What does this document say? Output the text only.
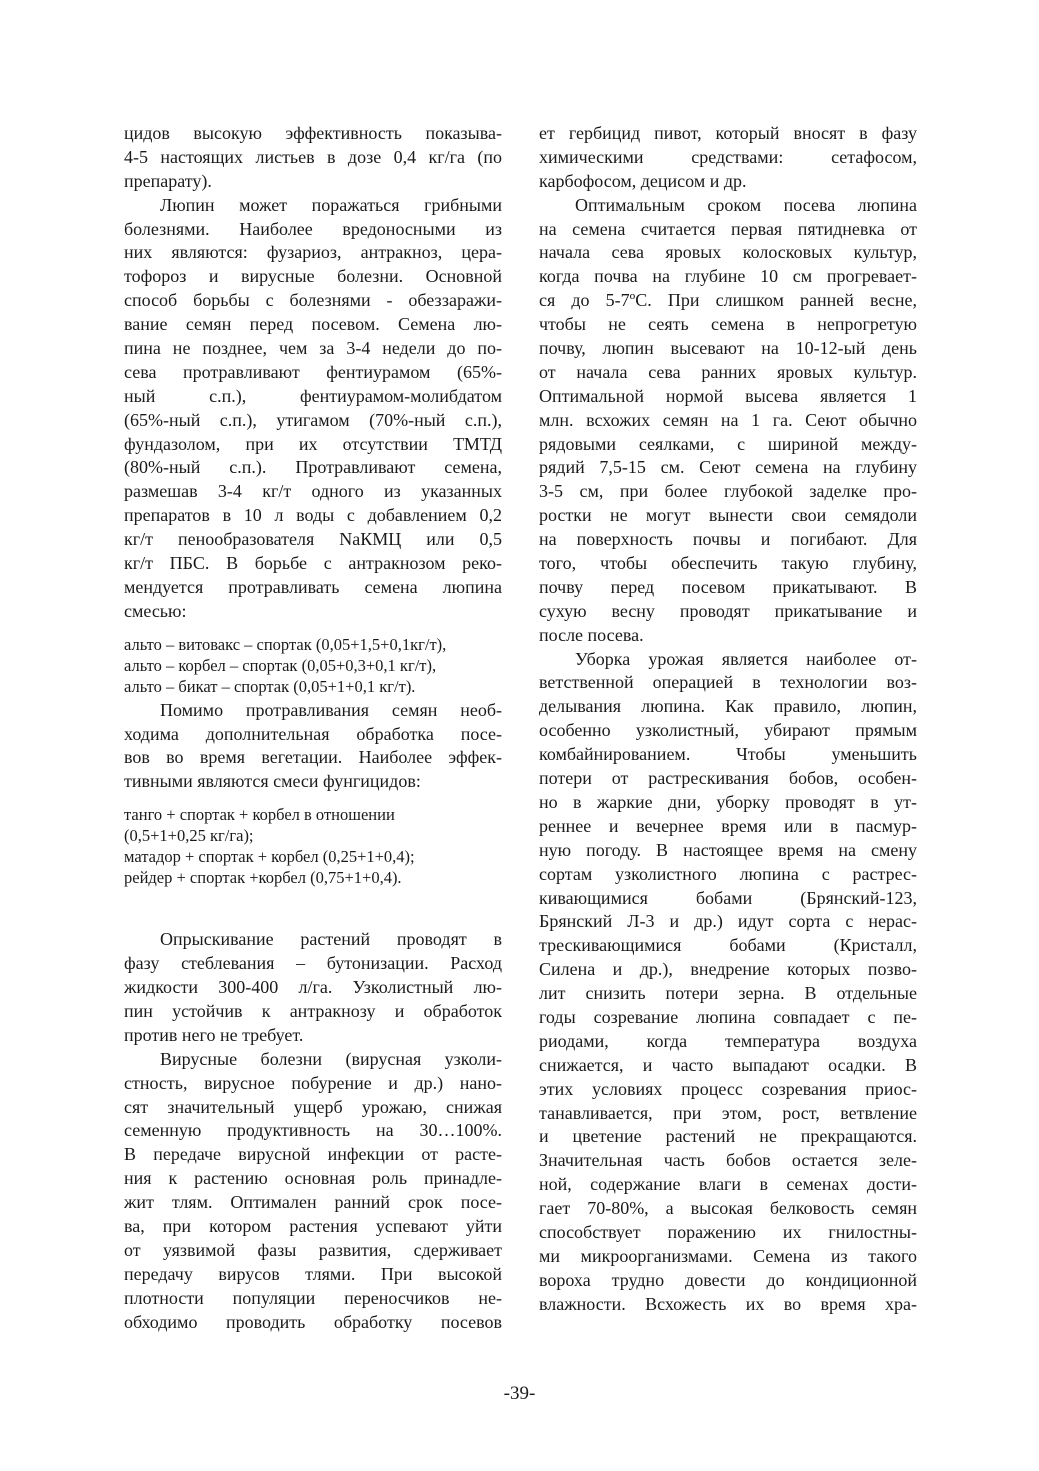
цидов высокую эффективность показыва-
4-5 настоящих листьев в дозе 0,4 кг/га (по
препарату).
Люпин может поражаться грибными
болезнями. Наиболее вредоносными из
них являются: фузариоз, антракноз, цера-
тофороз и вирусные болезни. Основной
способ борьбы с болезнями - обеззаражи-
вание семян перед посевом. Семена лю-
пина не позднее, чем за 3-4 недели до по-
сева протравливают фентиурамом (65%-
ный с.п.), фентиурамом-молибдатом
(65%-ный с.п.), утигамом (70%-ный с.п.),
фундазолом, при их отсутствии ТМТД
(80%-ный с.п.). Протравливают семена,
размешав 3-4 кг/т одного из указанных
препаратов в 10 л воды с добавлением 0,2
кг/т пенообразователя NaКМЦ или 0,5
кг/т ПБС. В борьбе с антракнозом реко-
мендуется протравливать семена люпина
смесью:
альто – витовакс – спортак (0,05+1,5+0,1кг/т),
альто – корбел – спортак (0,05+0,3+0,1 кг/т),
альто – бикат – спортак (0,05+1+0,1 кг/т).
Помимо протравливания семян необ-
ходима дополнительная обработка посе-
вов во время вегетации. Наиболее эффек-
тивными являются смеси фунгицидов:
танго + спортак + корбел в отношении
(0,5+1+0,25 кг/га);
матадор + спортак + корбел (0,25+1+0,4);
рейдер + спортак +корбел (0,75+1+0,4).
Опрыскивание растений проводят в
фазу стеблевания – бутонизации. Расход
жидкости 300-400 л/га. Узколистный лю-
пин устойчив к антракнозу и обработок
против него не требует.
Вирусные болезни (вирусная узколи-
стность, вирусное побурение и др.) нано-
сят значительный ущерб урожаю, снижая
семенную продуктивность на 30…100%.
В передаче вирусной инфекции от расте-
ния к растению основная роль принадле-
жит тлям. Оптимален ранний срок посе-
ва, при котором растения успевают уйти
от уязвимой фазы развития, сдерживает
передачу вирусов тлями. При высокой
плотности популяции переносчиков не-
обходимо проводить обработку посевов
ет гербицид пивот, который вносят в фазу
химическими средствами: сетафосом,
карбофосом, децисом и др.
Оптимальным сроком посева люпина
на семена считается первая пятидневка от
начала сева яровых колосковых культур,
когда почва на глубине 10 см прогревает-
ся до 5-7ºС. При слишком ранней весне,
чтобы не сеять семена в непрогретую
почву, люпин высевают на 10-12-ый день
от начала сева ранних яровых культур.
Оптимальной нормой высева является 1
млн. всхожих семян на 1 га. Сеют обычно
рядовыми сеялками, с шириной между-
рядий 7,5-15 см. Сеют семена на глубину
3-5 см, при более глубокой заделке про-
ростки не могут вынести свои семядоли
на поверхность почвы и погибают. Для
того, чтобы обеспечить такую глубину,
почву перед посевом прикатывают. В
сухую весну проводят прикатывание и
после посева.
Уборка урожая является наиболее от-
ветственной операцией в технологии воз-
делывания люпина. Как правило, люпин,
особенно узколистный, убирают прямым
комбайнированием. Чтобы уменьшить
потери от растрескивания бобов, особен-
но в жаркие дни, уборку проводят в ут-
реннее и вечернее время или в пасмур-
ную погоду. В настоящее время на смену
сортам узколистного люпина с растрес-
кивающимися бобами (Брянский-123,
Брянский Л-3 и др.) идут сорта с нерас-
трескивающимися бобами (Кристалл,
Силена и др.), внедрение которых позво-
лит снизить потери зерна. В отдельные
годы созревание люпина совпадает с пе-
риодами, когда температура воздуха
снижается, и часто выпадают осадки. В
этих условиях процесс созревания приос-
танавливается, при этом, рост, ветвление
и цветение растений не прекращаются.
Значительная часть бобов остается зеле-
ной, содержание влаги в семенах дости-
гает 70-80%, а высокая белковость семян
способствует поражению их гнилостны-
ми микроорганизмами. Семена из такого
вороха трудно довести до кондиционной
влажности. Всхожесть их во время хра-
-39-
